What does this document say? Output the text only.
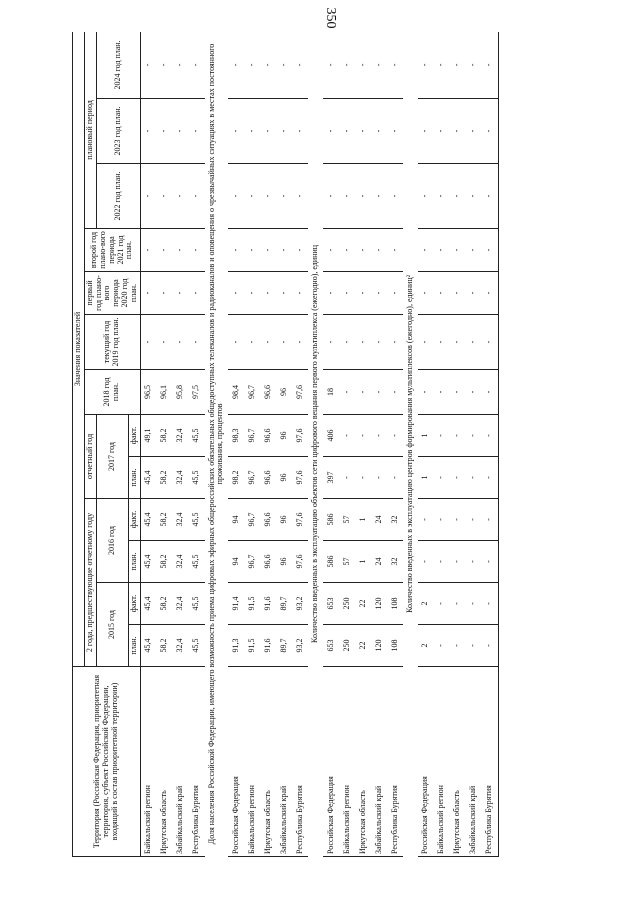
350
Территория (Российская Федерация, приоритетная территория, субъект Российской Федерации, входящий в состав приоритетной территории)	Значения показателей												
	2 года, предшествующие отчетному году				отчетный год		2018 год план.	текущий год 2019 год план.	первый год плано-вого периода 2020 год план.	второй год плано-вого периода 2021 год план.	плановый период		
	2015 год		2016 год		2017 год						2022 год план.	2023 год план.	2024 год план.
	план.	факт.	план.	факт.	план.	факт.							
Байкальский регион	45,4	45,4	45,4	45,4	45,4	49,1	96,5	-	-	-	-	-	-
Иркутская область	58,2	58,2	58,2	58,2	58,2	58,2	96,1	-	-	-	-	-	-
Забайкальский край	32,4	32,4	32,4	32,4	32,4	32,4	95,8	-	-	-	-	-	-
Республика Бурятия	45,5	45,5	45,5	45,5	45,5	45,5	97,5	-	-	-	-	-	-
Доля населения Российской Федерации, имеющего возможность приема цифровых эфирных общероссийских обязательных общедоступных телеканалов и радиоканалов и оповещения о чрезвычайных ситуациях в местах постоянного проживания, процентов													
Российская Федерация	91,3	91,4	94	94	98,2	98,3	98,4	-	-	-	-	-	-
Байкальский регион	91,5	91,5	96,7	96,7	96,7	96,7	96,7	-	-	-	-	-	-
Иркутская область	91,6	91,6	96,6	96,6	96,6	96,6	96,6	-	-	-	-	-	-
Забайкальский край	89,7	89,7	96	96	96	96	96	-	-	-	-	-	-
Республика Бурятия	93,2	93,2	97,6	97,6	97,6	97,6	97,6	-	-	-	-	-	-
Количество введенных в эксплуатацию объектов сети цифрового вещания первого мультиплекса (ежегодно), единиц													
Российская Федерация	653	653	586	586	397	406	18	-	-	-	-	-	-
Байкальский регион	250	250	57	57	-	-	-	-	-	-	-	-	-
Иркутская область	22	22	1	1	-	-	-	-	-	-	-	-	-
Забайкальский край	120	120	24	24	-	-	-	-	-	-	-	-	-
Республика Бурятия	108	108	32	32	-	-	-	-	-	-	-	-	-
Количество введенных в эксплуатацию центров формирования мультиплексов (ежегодно), единиц²													
Российская Федерация	2	2	-	-	1	1	-	-	-	-	-	-	-
Байкальский регион	-	-	-	-	-	-	-	-	-	-	-	-	-
Иркутская область	-	-	-	-	-	-	-	-	-	-	-	-	-
Забайкальский край	-	-	-	-	-	-	-	-	-	-	-	-	-
Республика Бурятия	-	-	-	-	-	-	-	-	-	-	-	-	-
